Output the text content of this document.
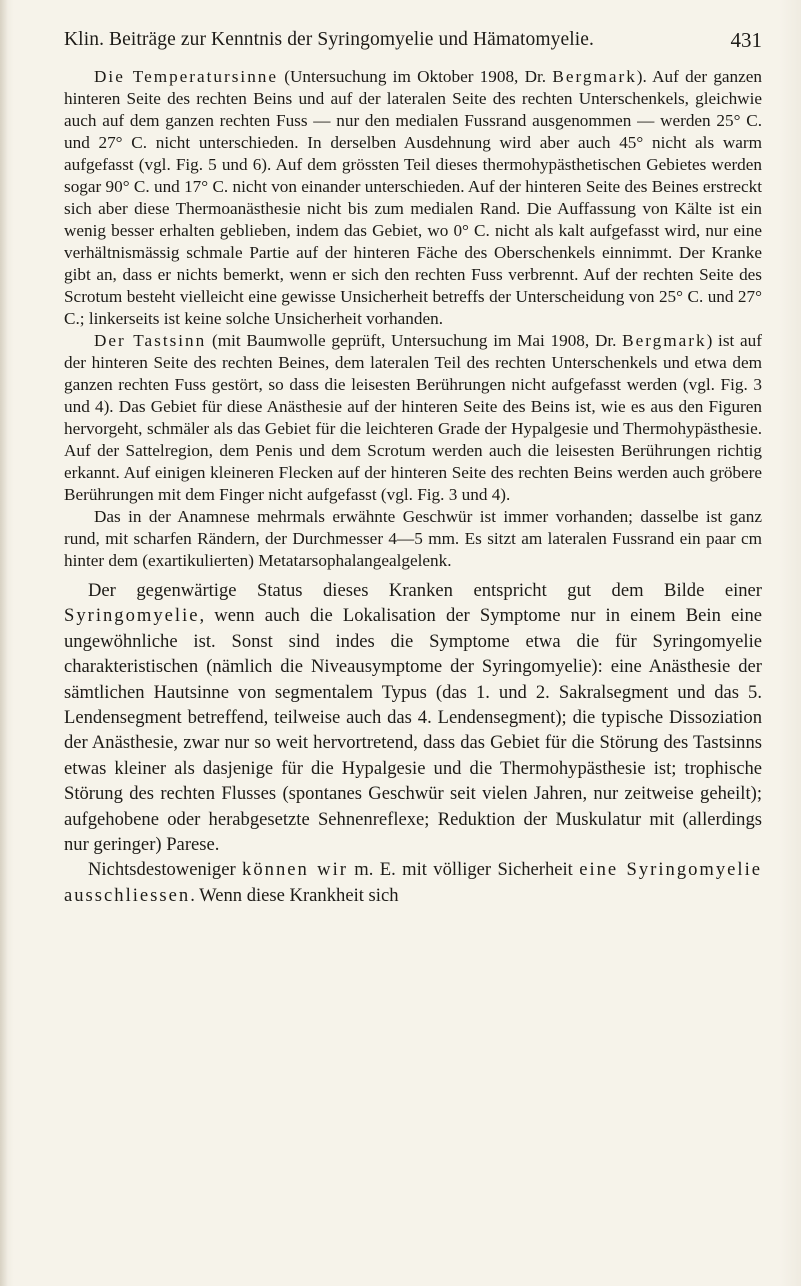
Klin. Beiträge zur Kenntnis der Syringomyelie und Hämatomyelie.	431

Die Temperatursinne (Untersuchung im Oktober 1908, Dr. Bergmark). Auf der ganzen hinteren Seite des rechten Beins und auf der lateralen Seite des rechten Unterschenkels, gleichwie auch auf dem ganzen rechten Fuss — nur den medialen Fussrand ausgenommen — werden 25° C. und 27° C. nicht unterschieden. In derselben Ausdehnung wird aber auch 45° nicht als warm aufgefasst (vgl. Fig. 5 und 6). Auf dem grössten Teil dieses thermohypästhetischen Gebietes werden sogar 90° C. und 17° C. nicht von einander unterschieden. Auf der hinteren Seite des Beines erstreckt sich aber diese Thermoanästhesie nicht bis zum medialen Rand. Die Auffassung von Kälte ist ein wenig besser erhalten geblieben, indem das Gebiet, wo 0° C. nicht als kalt aufgefasst wird, nur eine verhältnismässig schmale Partie auf der hinteren Fäche des Oberschenkels einnimmt. Der Kranke gibt an, dass er nichts bemerkt, wenn er sich den rechten Fuss verbrennt. Auf der rechten Seite des Scrotum besteht vielleicht eine gewisse Unsicherheit betreffs der Unterscheidung von 25° C. und 27° C.; linkerseits ist keine solche Unsicherheit vorhanden.

Der Tastsinn (mit Baumwolle geprüft, Untersuchung im Mai 1908, Dr. Bergmark) ist auf der hinteren Seite des rechten Beines, dem lateralen Teil des rechten Unterschenkels und etwa dem ganzen rechten Fuss gestört, so dass die leisesten Berührungen nicht aufgefasst werden (vgl. Fig. 3 und 4). Das Gebiet für diese Anästhesie auf der hinteren Seite des Beins ist, wie es aus den Figuren hervorgeht, schmäler als das Gebiet für die leichteren Grade der Hypalgesie und Thermohypästhesie. Auf der Sattelregion, dem Penis und dem Scrotum werden auch die leisesten Berührungen richtig erkannt. Auf einigen kleineren Flecken auf der hinteren Seite des rechten Beins werden auch gröbere Berührungen mit dem Finger nicht aufgefasst (vgl. Fig. 3 und 4).

Das in der Anamnese mehrmals erwähnte Geschwür ist immer vorhanden; dasselbe ist ganz rund, mit scharfen Rändern, der Durchmesser 4—5 mm. Es sitzt am lateralen Fussrand ein paar cm hinter dem (exartikulierten) Metatarsophalangealgelenk.

Der gegenwärtige Status dieses Kranken entspricht gut dem Bilde einer Syringomyelie, wenn auch die Lokalisation der Symptome nur in einem Bein eine ungewöhnliche ist. Sonst sind indes die Symptome etwa die für Syringomyelie charakteristischen (nämlich die Niveausymptome der Syringomyelie): eine Anästhesie der sämtlichen Hautsinne von segmentalem Typus (das 1. und 2. Sakralsegment und das 5. Lendensegment betreffend, teilweise auch das 4. Lendensegment); die typische Dissoziation der Anästhesie, zwar nur so weit hervortretend, dass das Gebiet für die Störung des Tastsinns etwas kleiner als dasjenige für die Hypalgesie und die Thermohypästhesie ist; trophische Störung des rechten Flusses (spontanes Geschwür seit vielen Jahren, nur zeitweise geheilt); aufgehobene oder herabgesetzte Sehnenreflexe; Reduktion der Muskulatur mit (allerdings nur geringer) Parese.

Nichtsdestoweniger können wir m. E. mit völliger Sicherheit eine Syringomyelie ausschliessen. Wenn diese Krankheit sich
